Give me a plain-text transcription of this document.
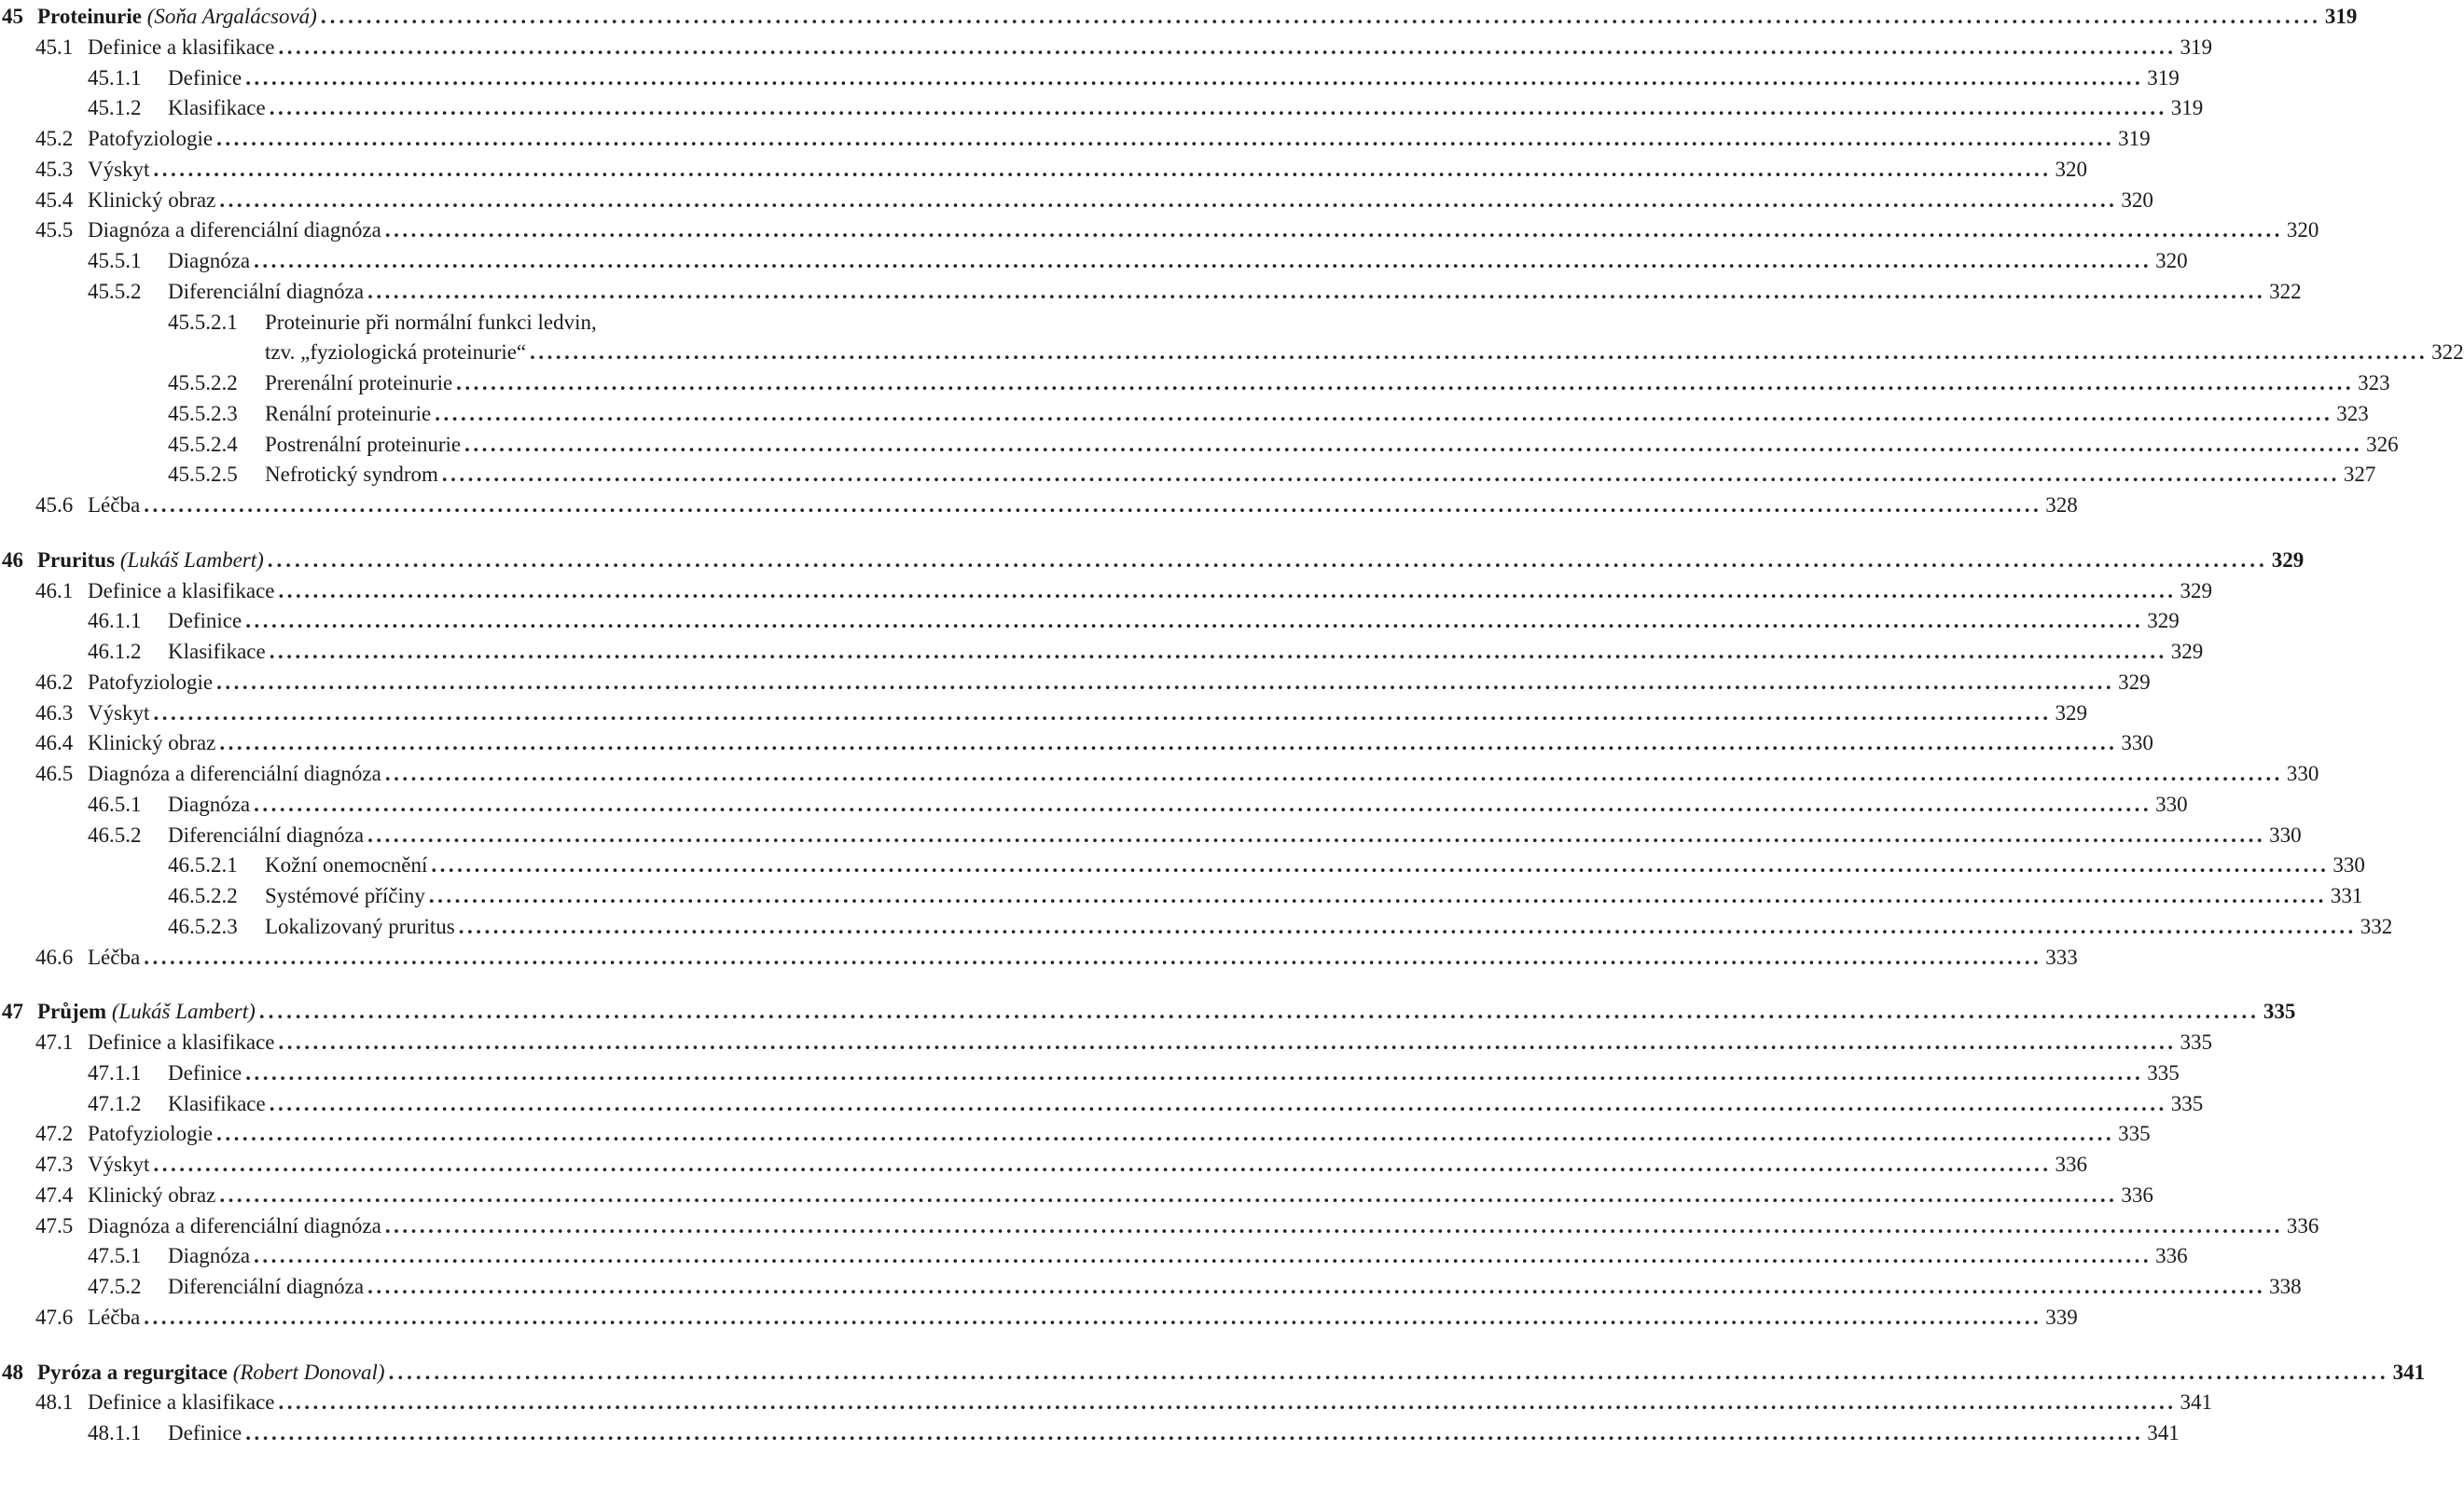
45 Proteinurie (Soňa Argalácsová) ............................................................................................................................................................................................................................ 319
45.1 Definice a klasifikace ............................................................................................................................................................................................................................ 319
45.1.1 Definice ............................................................................................................................................................................................................................ 319
45.1.2 Klasifikace ............................................................................................................................................................................................................................ 319
45.2 Patofyziologie ............................................................................................................................................................................................................................ 319
45.3 Výskyt ............................................................................................................................................................................................................................ 320
45.4 Klinický obraz ............................................................................................................................................................................................................................ 320
45.5 Diagnóza a diferenciální diagnóza ............................................................................................................................................................................................................................ 320
45.5.1 Diagnóza ............................................................................................................................................................................................................................ 320
45.5.2 Diferenciální diagnóza ............................................................................................................................................................................................................................ 322
45.5.2.1 Proteinurie při normální funkci ledvin,
tzv. „fyziologická proteinurie“ ............................................................................................................................................................................................................................ 322
45.5.2.2 Prerenální proteinurie ............................................................................................................................................................................................................................ 323
45.5.2.3 Renální proteinurie ............................................................................................................................................................................................................................ 323
45.5.2.4 Postrenální proteinurie ............................................................................................................................................................................................................................ 326
45.5.2.5 Nefrotický syndrom ............................................................................................................................................................................................................................ 327
45.6 Léčba ............................................................................................................................................................................................................................ 328
46 Pruritus (Lukáš Lambert) ............................................................................................................................................................................................................................ 329
46.1 Definice a klasifikace ............................................................................................................................................................................................................................ 329
46.1.1 Definice ............................................................................................................................................................................................................................ 329
46.1.2 Klasifikace ............................................................................................................................................................................................................................ 329
46.2 Patofyziologie ............................................................................................................................................................................................................................ 329
46.3 Výskyt ............................................................................................................................................................................................................................ 329
46.4 Klinický obraz ............................................................................................................................................................................................................................ 330
46.5 Diagnóza a diferenciální diagnóza ............................................................................................................................................................................................................................ 330
46.5.1 Diagnóza ............................................................................................................................................................................................................................ 330
46.5.2 Diferenciální diagnóza ............................................................................................................................................................................................................................ 330
46.5.2.1 Kožní onemocnění ............................................................................................................................................................................................................................ 330
46.5.2.2 Systémové příčiny ............................................................................................................................................................................................................................ 331
46.5.2.3 Lokalizovaný pruritus ............................................................................................................................................................................................................................ 332
46.6 Léčba ............................................................................................................................................................................................................................ 333
47 Průjem (Lukáš Lambert) ............................................................................................................................................................................................................................ 335
47.1 Definice a klasifikace ............................................................................................................................................................................................................................ 335
47.1.1 Definice ............................................................................................................................................................................................................................ 335
47.1.2 Klasifikace ............................................................................................................................................................................................................................ 335
47.2 Patofyziologie ............................................................................................................................................................................................................................ 335
47.3 Výskyt ............................................................................................................................................................................................................................ 336
47.4 Klinický obraz ............................................................................................................................................................................................................................ 336
47.5 Diagnóza a diferenciální diagnóza ............................................................................................................................................................................................................................ 336
47.5.1 Diagnóza ............................................................................................................................................................................................................................ 336
47.5.2 Diferenciální diagnóza ............................................................................................................................................................................................................................ 338
47.6 Léčba ............................................................................................................................................................................................................................ 339
48 Pyróza a regurgitace (Robert Donoval) ............................................................................................................................................................................................................................ 341
48.1 Definice a klasifikace ............................................................................................................................................................................................................................ 341
48.1.1 Definice ............................................................................................................................................................................................................................ 341
